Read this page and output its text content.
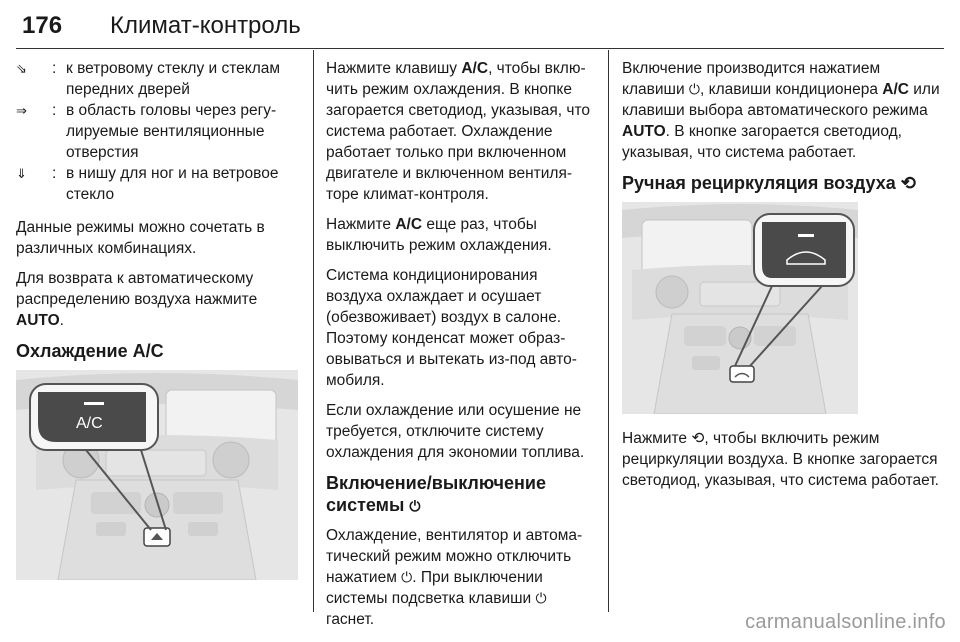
176 Климат-контроль
⇘	: к ветровому стеклу и стеклам передних дверей
⇒	: в область головы через регулируемые вентиляционные отверстия
⇓	: в нишу для ног и на ветровое стекло

Данные режимы можно сочетать в различных комбинациях.

Для возврата к автоматическому распределению воздуха нажмите AUTO.

Охлаждение A/C
A/C

Нажмите клавишу A/C, чтобы включить режим охлаждения. В кнопке загорается светодиод, указывая, что система работает. Охлаждение работает только при включенном двигателе и включенном вентиляторе климат-контроля.

Нажмите A/C еще раз, чтобы выключить режим охлаждения.

Система кондиционирования воздуха охлаждает и осушает (обезвоживает) воздух в салоне. Поэтому конденсат может образовываться и вытекать из-под автомобиля.

Если охлаждение или осушение не требуется, отключите систему охлаждения для экономии топлива.

Включение/выключение системы ⏻

Охлаждение, вентилятор и автоматический режим можно отключить нажатием ⏻. При выключении системы подсветка клавиши ⏻ гаснет.

Включение производится нажатием клавиши ⏻, клавиши кондиционера A/C или клавиши выбора автоматического режима AUTO. В кнопке загорается светодиод, указывая, что система работает.

Ручная рециркуляция воздуха ⟲

Нажмите ⟲, чтобы включить режим рециркуляции воздуха. В кнопке загорается светодиод, указывая, что система работает.

carmanualsonline.info
